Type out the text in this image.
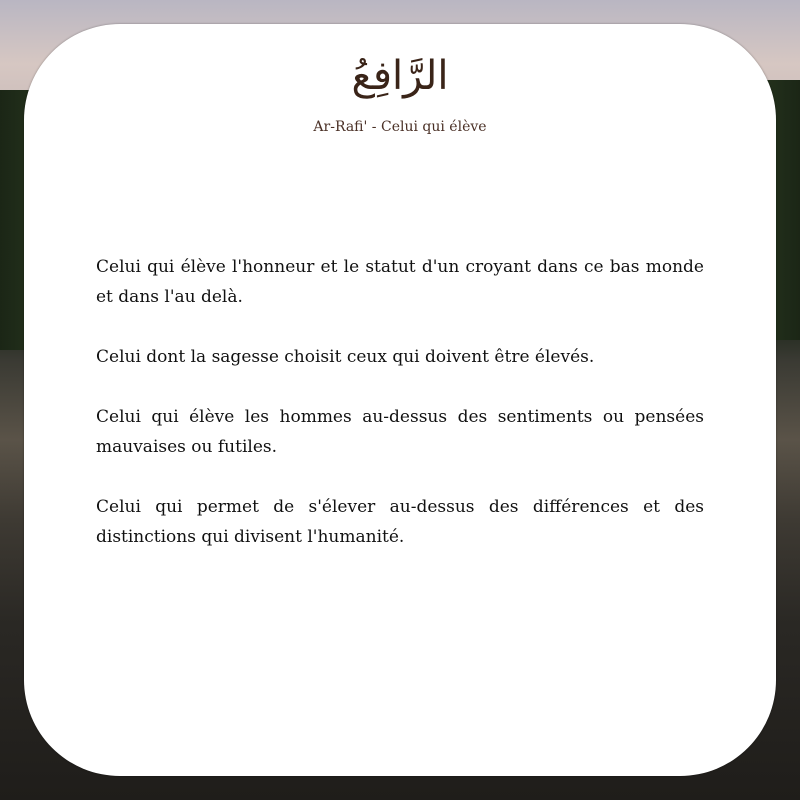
الرَّافِعُ
Ar-Rafi' - Celui qui élève

Celui qui élève l'honneur et le statut d'un croyant dans ce bas monde et dans l'au delà.

Celui dont la sagesse choisit ceux qui doivent être élevés.

Celui qui élève les hommes au-dessus des sentiments ou pensées mauvaises ou futiles.

Celui qui permet de s'élever au-dessus des différences et des distinctions qui divisent l'humanité.
